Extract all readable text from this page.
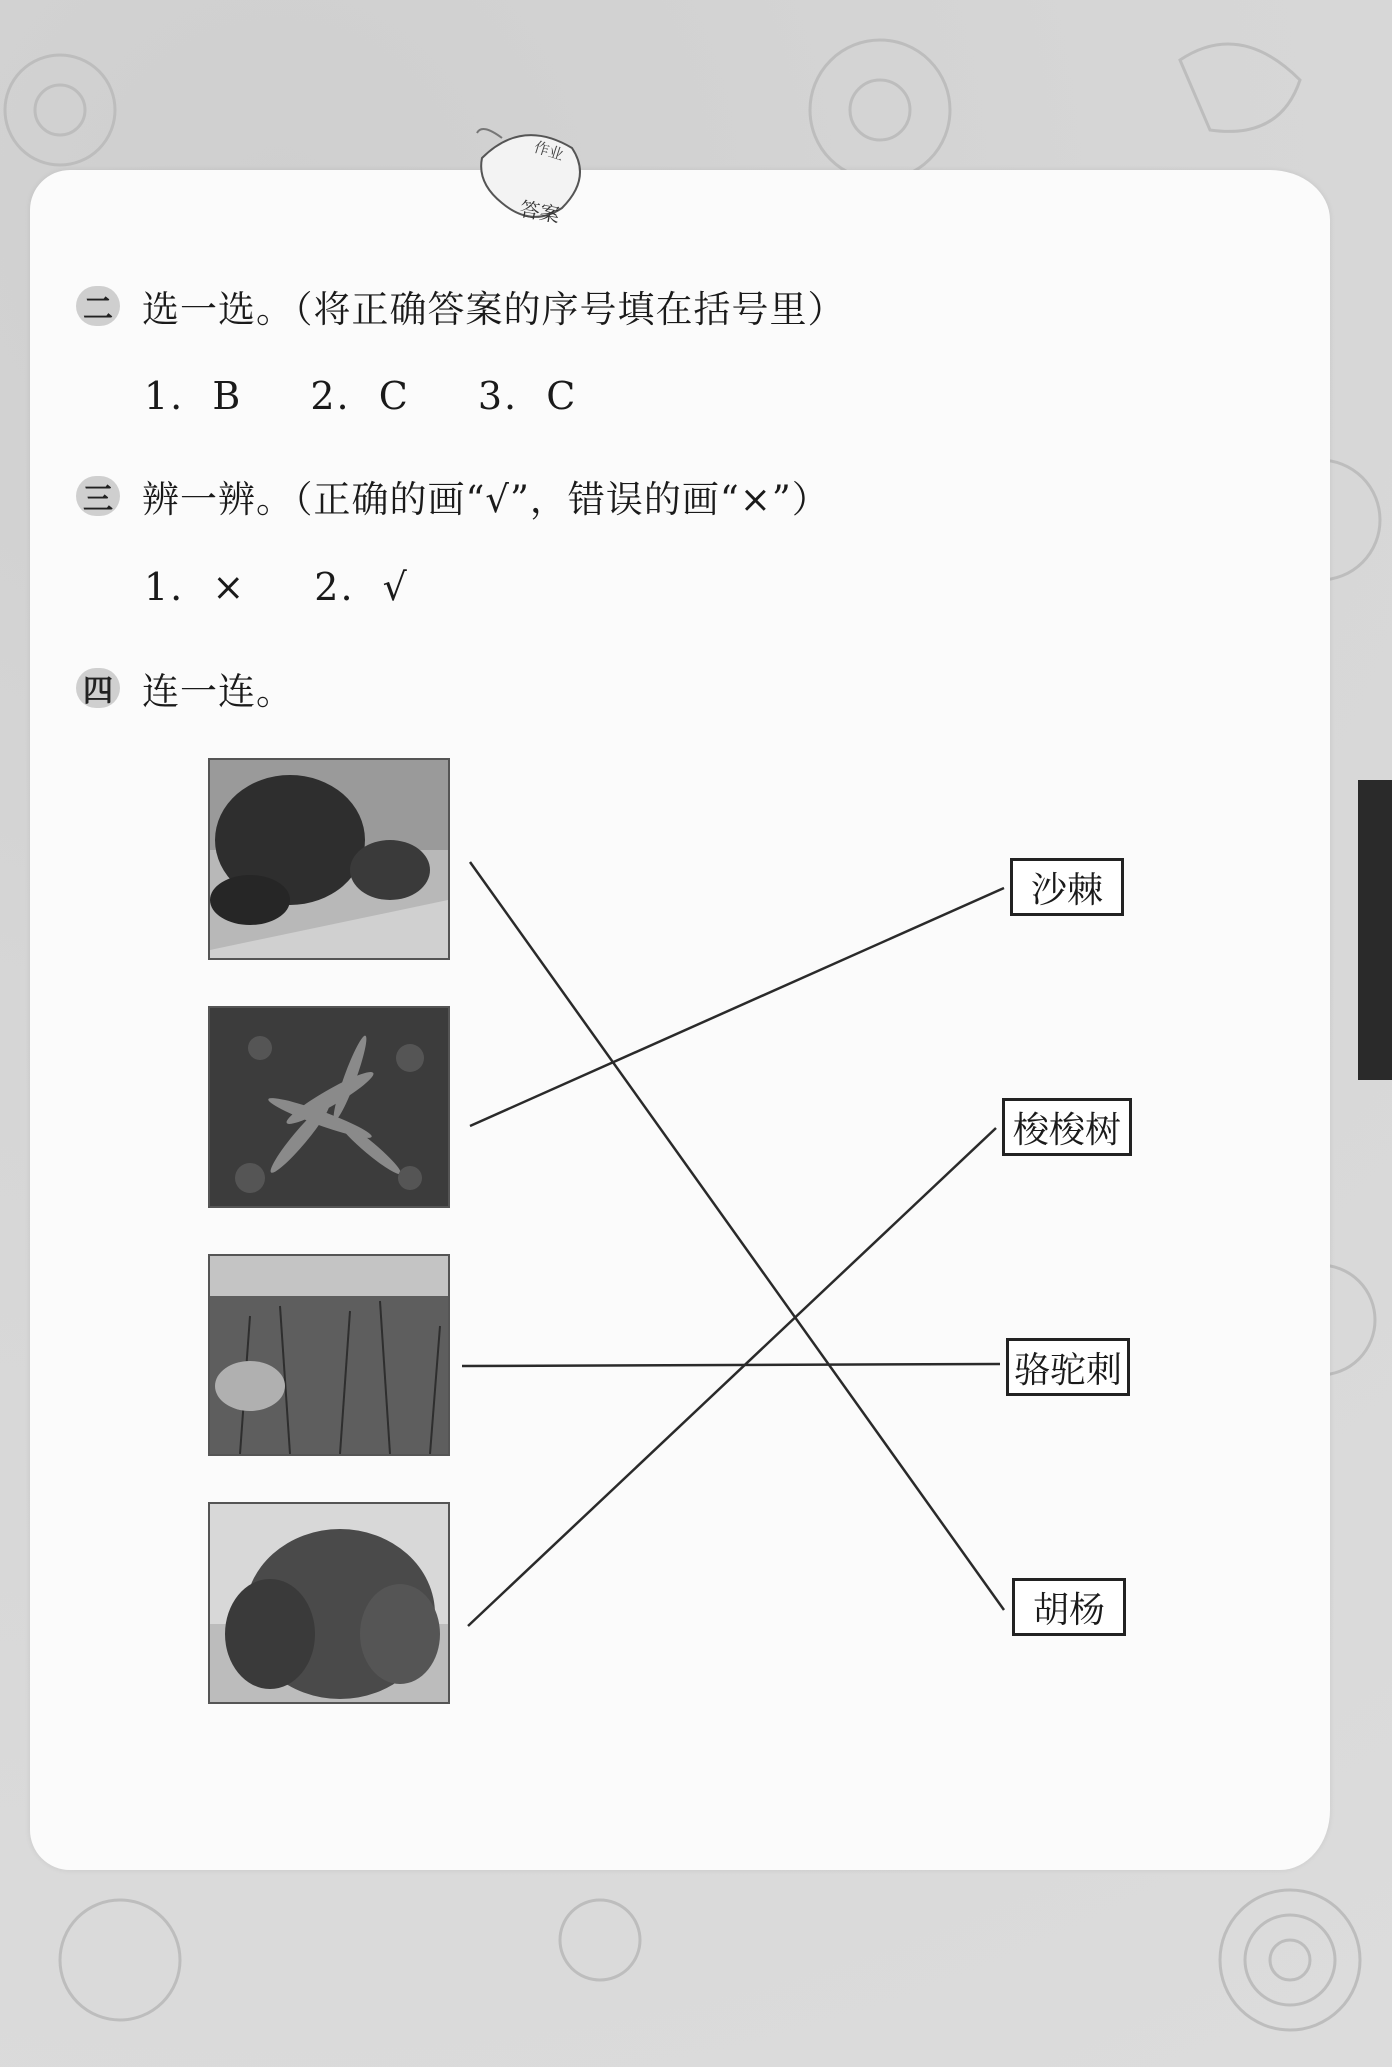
作业
答案
二 选一选。（将正确答案的序号填在括号里）
1. B 2. C 3. C
三 辨一辨。（正确的画“√”，错误的画“×”）
1. × 2. √
四 连一连。
沙棘
梭梭树
骆驼刺
胡杨
